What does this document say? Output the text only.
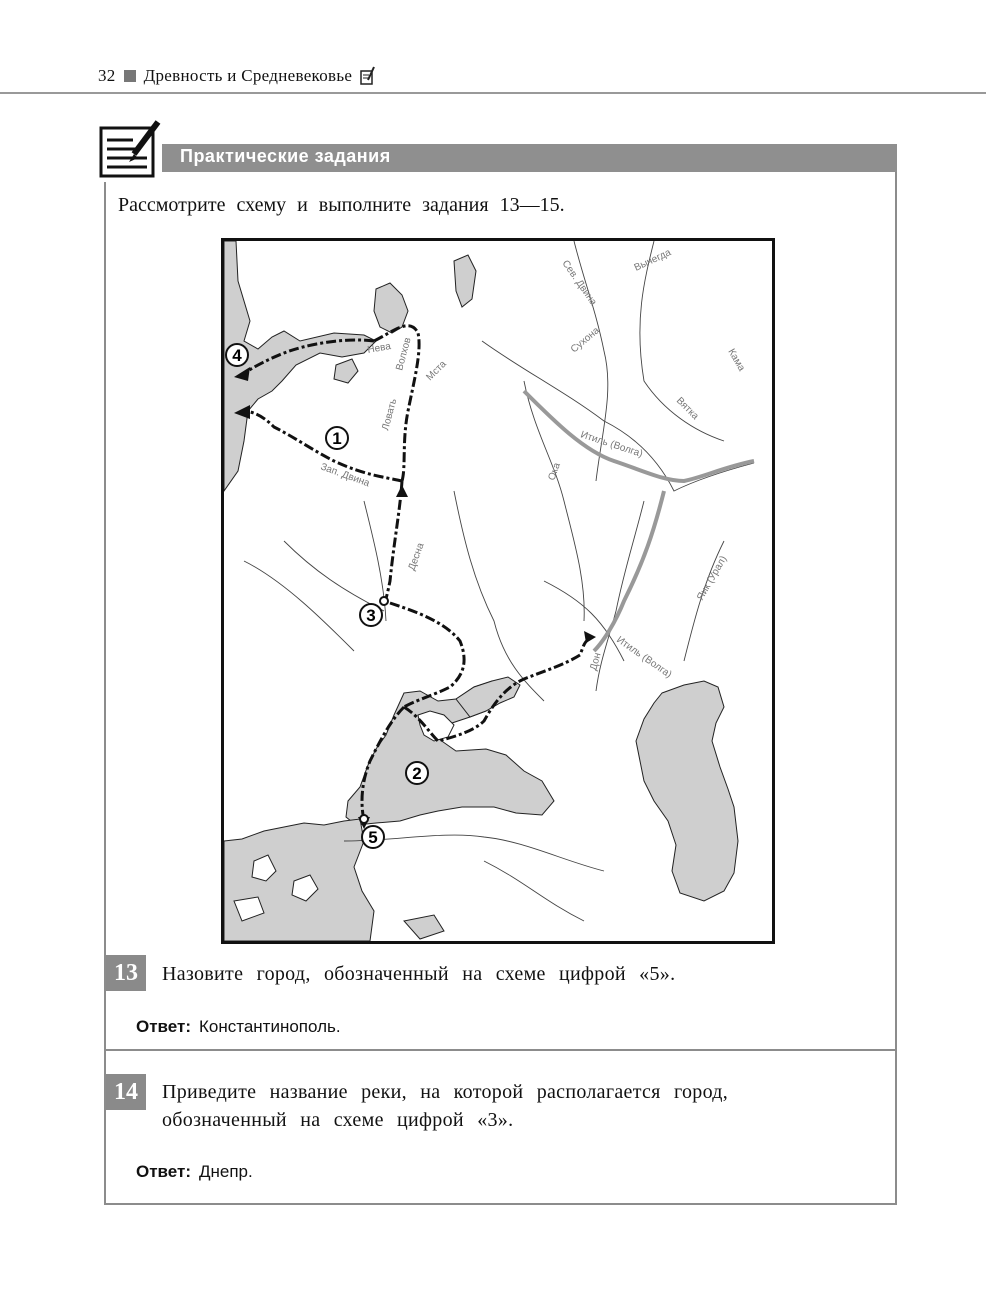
32 Древность и Средневековье
Практические задания
Рассмотрите схему и выполните задания 13—15.
1
2
3
4
5
Сев. Двина	Вычегда
Сухона
Кама
Нева Волхов
Ловать
Мста
Вятка
Итиль (Волга)
Ока
Зап. Двина
Десна	Яик (Урал)
Дон Итиль (Волга)
13	Назовите город, обозначенный на схеме цифрой «5».
Ответ: Константинополь.
14	Приведите название реки, на которой располагается город,
обозначенный на схеме цифрой «3».
Ответ: Днепр.
